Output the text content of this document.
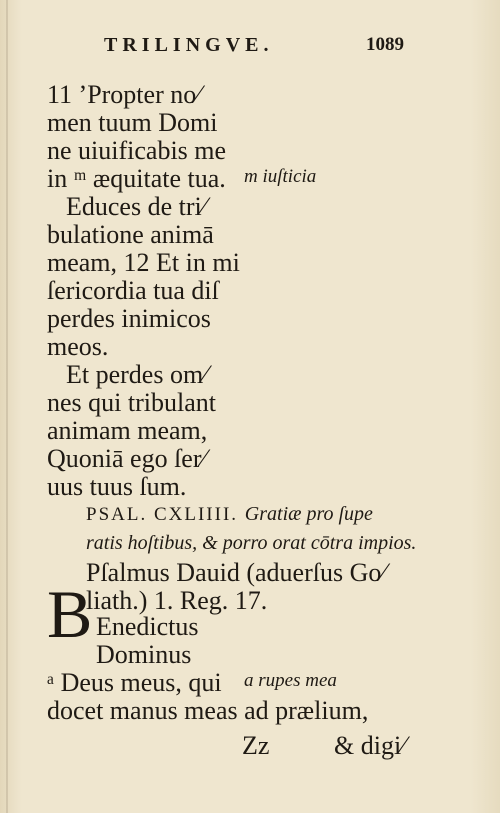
TRILINGVE.	1089
11 ʼPropter no⁄
men tuum Domi
ne uiuificabis me
in ᵐ æquitate tua. m iuſticia
Educes de tri⁄
bulatione animā
meam, 12 Et in mi
ſericordia tua diſ
perdes inimicos
meos.
Et perdes om⁄
nes qui tribulant
animam meam,
Quoniā ego ſer⁄
uus tuus ſum.
PSAL. CXLIIII. Gratiæ pro ſupe
ratis hoſtibus, & porro orat cōtra impios.
Pſalmus Dauid (aduerſus Go⁄
liath.) 1. Reg. 17.
B Enedictus
Dominus
ᵃ Deus meus, qui a rupes mea
docet manus meas ad prælium,
Zz & digi⁄
